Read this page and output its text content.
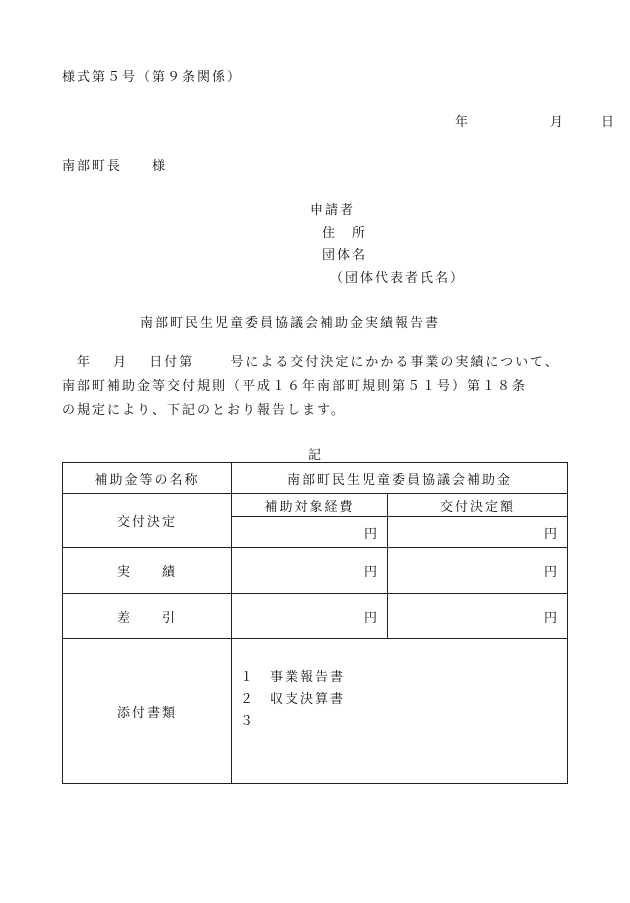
様式第５号（第９条関係）
年	月	日
南部町長　　様
申請者
住　所
団体名
（団体代表者氏名）
南部町民生児童委員協議会補助金実績報告書
　年　 月　 日付第　　 号による交付決定にかかる事業の実績について、
南部町補助金等交付規則（平成１６年南部町規則第５１号）第１８条
の規定により、下記のとおり報告します。
記
補助金等の名称	南部町民生児童委員協議会補助金	
交付決定	補助対象経費	交付決定額
	円	円
実　　績	円	円
差　　引	円	円
添付書類	１　事業報告書
２　収支決算書
３	
